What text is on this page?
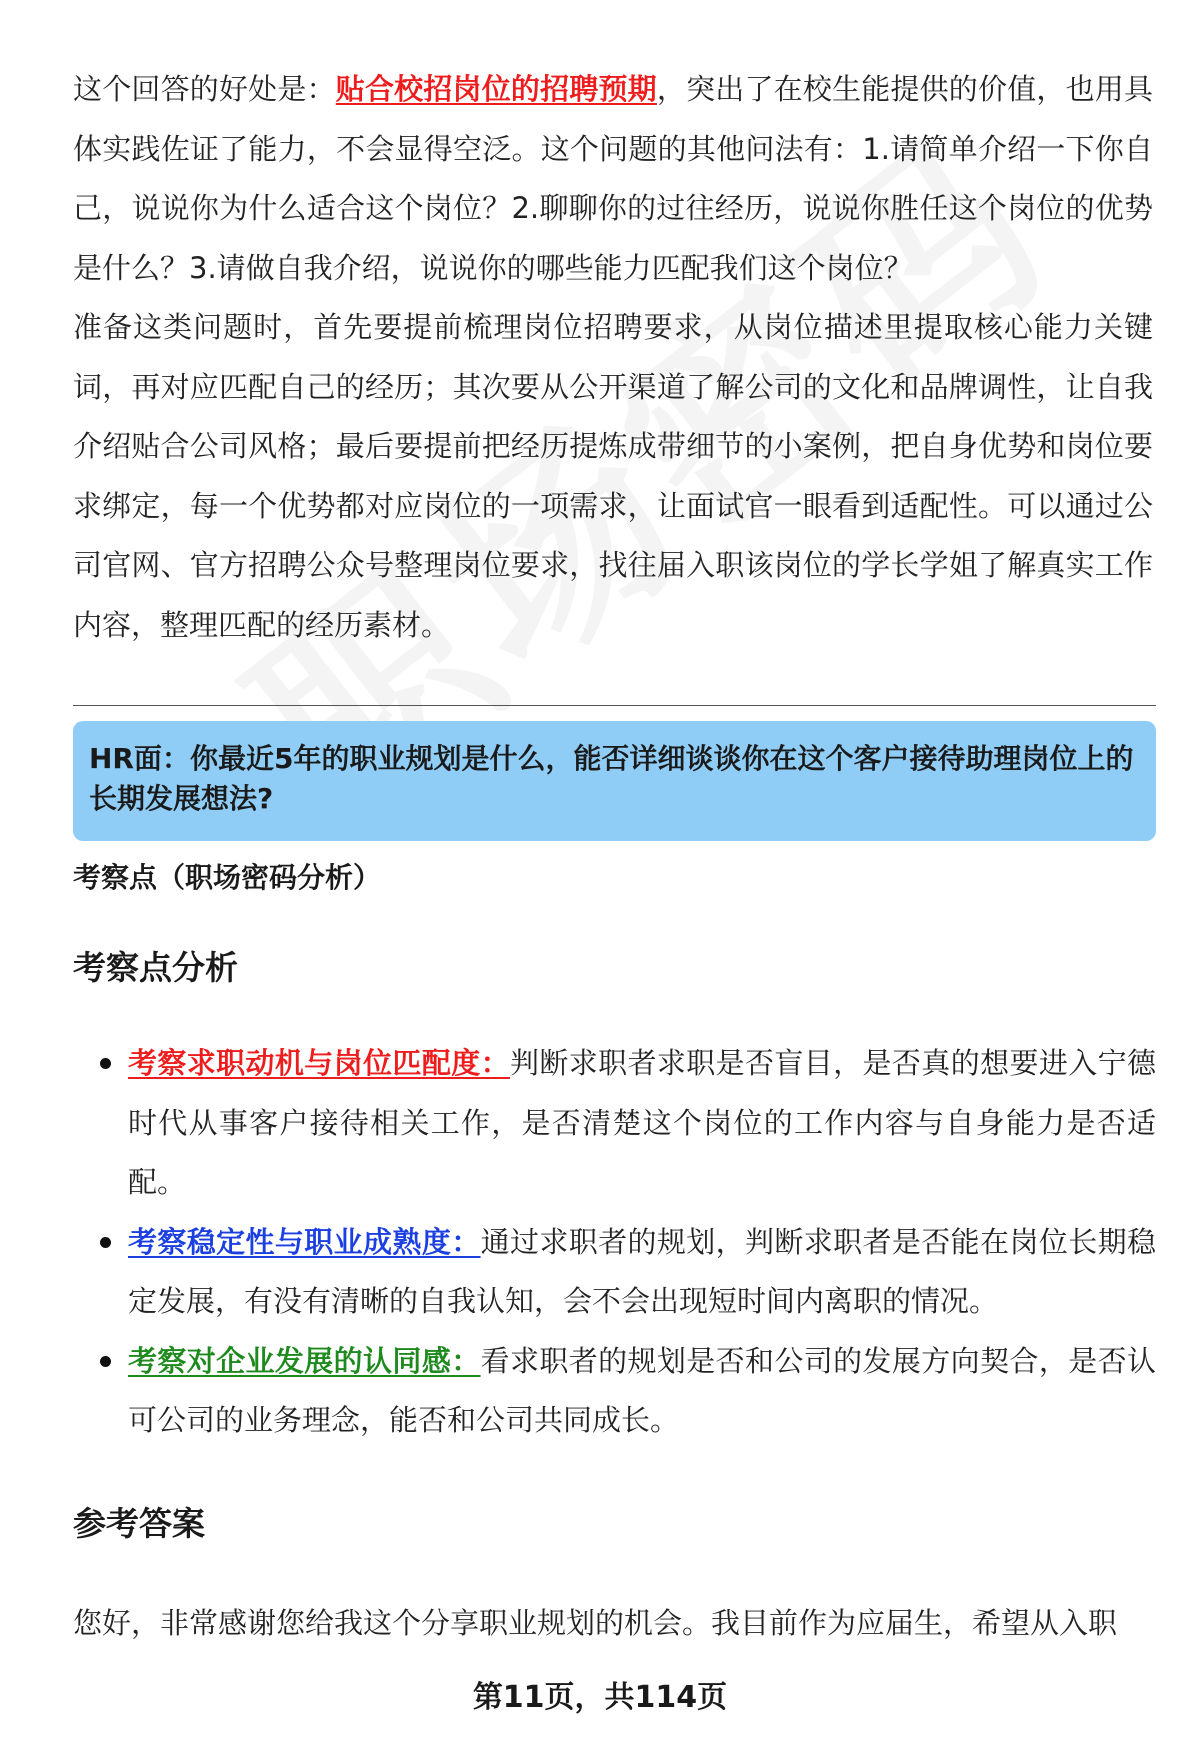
这个回答的好处是：贴合校招岗位的招聘预期，突出了在校生能提供的价值，也用具体实践佐证了能力，不会显得空泛。这个问题的其他问法有：1.请简单介绍一下你自己，说说你为什么适合这个岗位？2.聊聊你的过往经历，说说你胜任这个岗位的优势是什么？3.请做自我介绍，说说你的哪些能力匹配我们这个岗位？

准备这类问题时，首先要提前梳理岗位招聘要求，从岗位描述里提取核心能力关键词，再对应匹配自己的经历；其次要从公开渠道了解公司的文化和品牌调性，让自我介绍贴合公司风格；最后要提前把经历提炼成带细节的小案例，把自身优势和岗位要求绑定，每一个优势都对应岗位的一项需求，让面试官一眼看到适配性。可以通过公司官网、官方招聘公众号整理岗位要求，找往届入职该岗位的学长学姐了解真实工作内容，整理匹配的经历素材。

HR面：你最近5年的职业规划是什么，能否详细谈谈你在这个客户接待助理岗位上的长期发展想法?

考察点（职场密码分析）

考察点分析
考察求职动机与岗位匹配度：判断求职者求职是否盲目，是否真的想要进入宁德时代从事客户接待相关工作，是否清楚这个岗位的工作内容与自身能力是否适配。
考察稳定性与职业成熟度：通过求职者的规划，判断求职者是否能在岗位长期稳定发展，有没有清晰的自我认知，会不会出现短时间内离职的情况。
考察对企业发展的认同感：看求职者的规划是否和公司的发展方向契合，是否认可公司的业务理念，能否和公司共同成长。
参考答案

您好，非常感谢您给我这个分享职业规划的机会。我目前作为应届生，希望从入职

第11页，共114页
